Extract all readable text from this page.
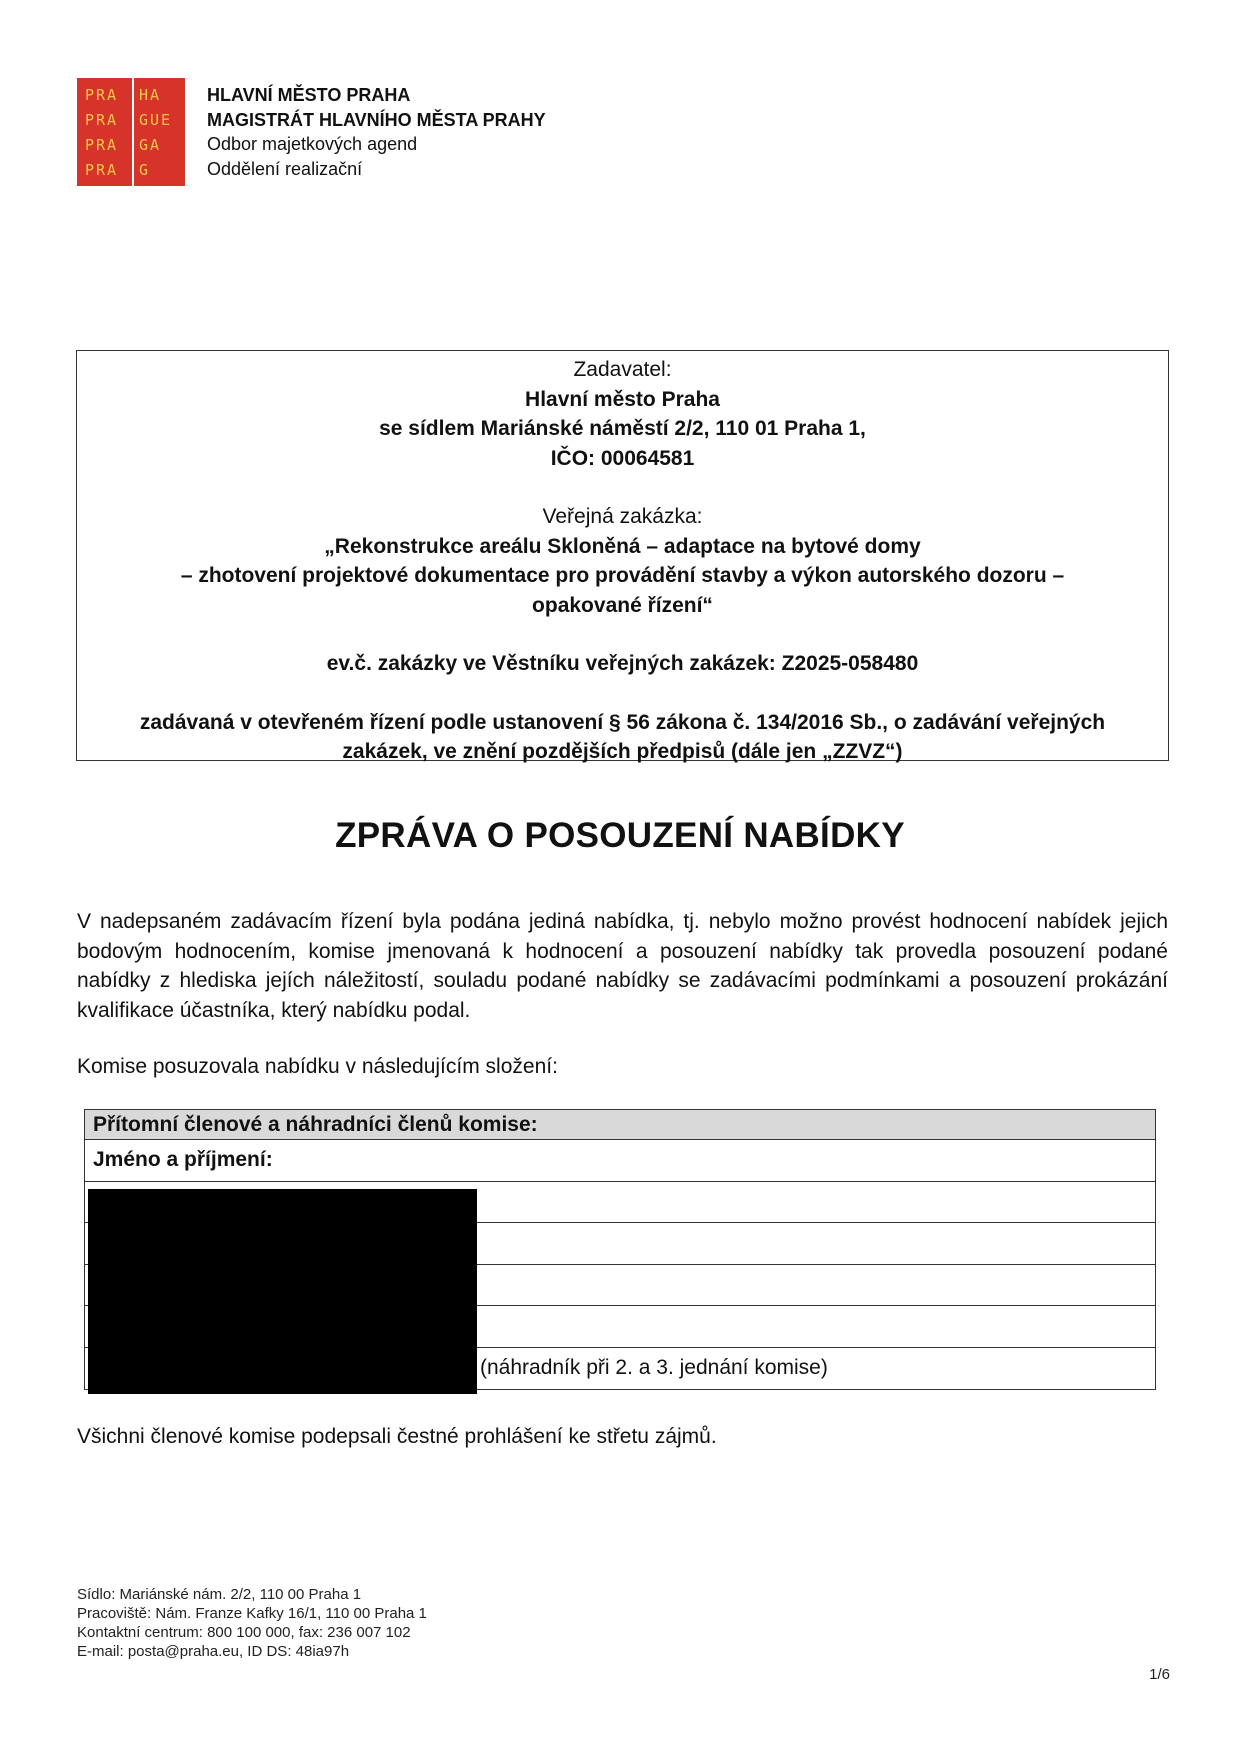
PRA
PRA
PRA
PRA
HA
GUE
GA
G
HLAVNÍ MĚSTO PRAHA
MAGISTRÁT HLAVNÍHO MĚSTA PRAHY
Odbor majetkových agend
Oddělení realizační

Zadavatel:

Hlavní město Praha

se sídlem Mariánské náměstí 2/2, 110 01 Praha 1,

IČO: 00064581

Veřejná zakázka:

„Rekonstrukce areálu Skloněná – adaptace na bytové domy

– zhotovení projektové dokumentace pro provádění stavby a výkon autorského dozoru –

opakované řízení“

ev.č. zakázky ve Věstníku veřejných zakázek: Z2025-058480

zadávaná v otevřeném řízení podle ustanovení § 56 zákona č. 134/2016 Sb., o zadávání veřejných

zakázek, ve znění pozdějších předpisů (dále jen „ZZVZ“)

ZPRÁVA O POSOUZENÍ NABÍDKY
V nadepsaném zadávacím řízení byla podána jediná nabídka, tj. nebylo možno provést hodnocení nabídek jejich bodovým hodnocením, komise jmenovaná k hodnocení a posouzení nabídky tak provedla posouzení podané nabídky z hlediska jejích náležitostí, souladu podané nabídky se zadávacími podmínkami a posouzení prokázání kvalifikace účastníka, který nabídku podal.
Komise posuzovala nabídku v následujícím složení:
Přítomní členové a náhradníci členů komise:
Jméno a příjmení:
(náhradník při 2. a 3. jednání komise)
Všichni členové komise podepsali čestné prohlášení ke střetu zájmů.
Sídlo: Mariánské nám. 2/2, 110 00 Praha 1
Pracoviště: Nám. Franze Kafky 16/1, 110 00 Praha 1
Kontaktní centrum: 800 100 000, fax: 236 007 102
E-mail: posta@praha.eu, ID DS: 48ia97h
1/6
